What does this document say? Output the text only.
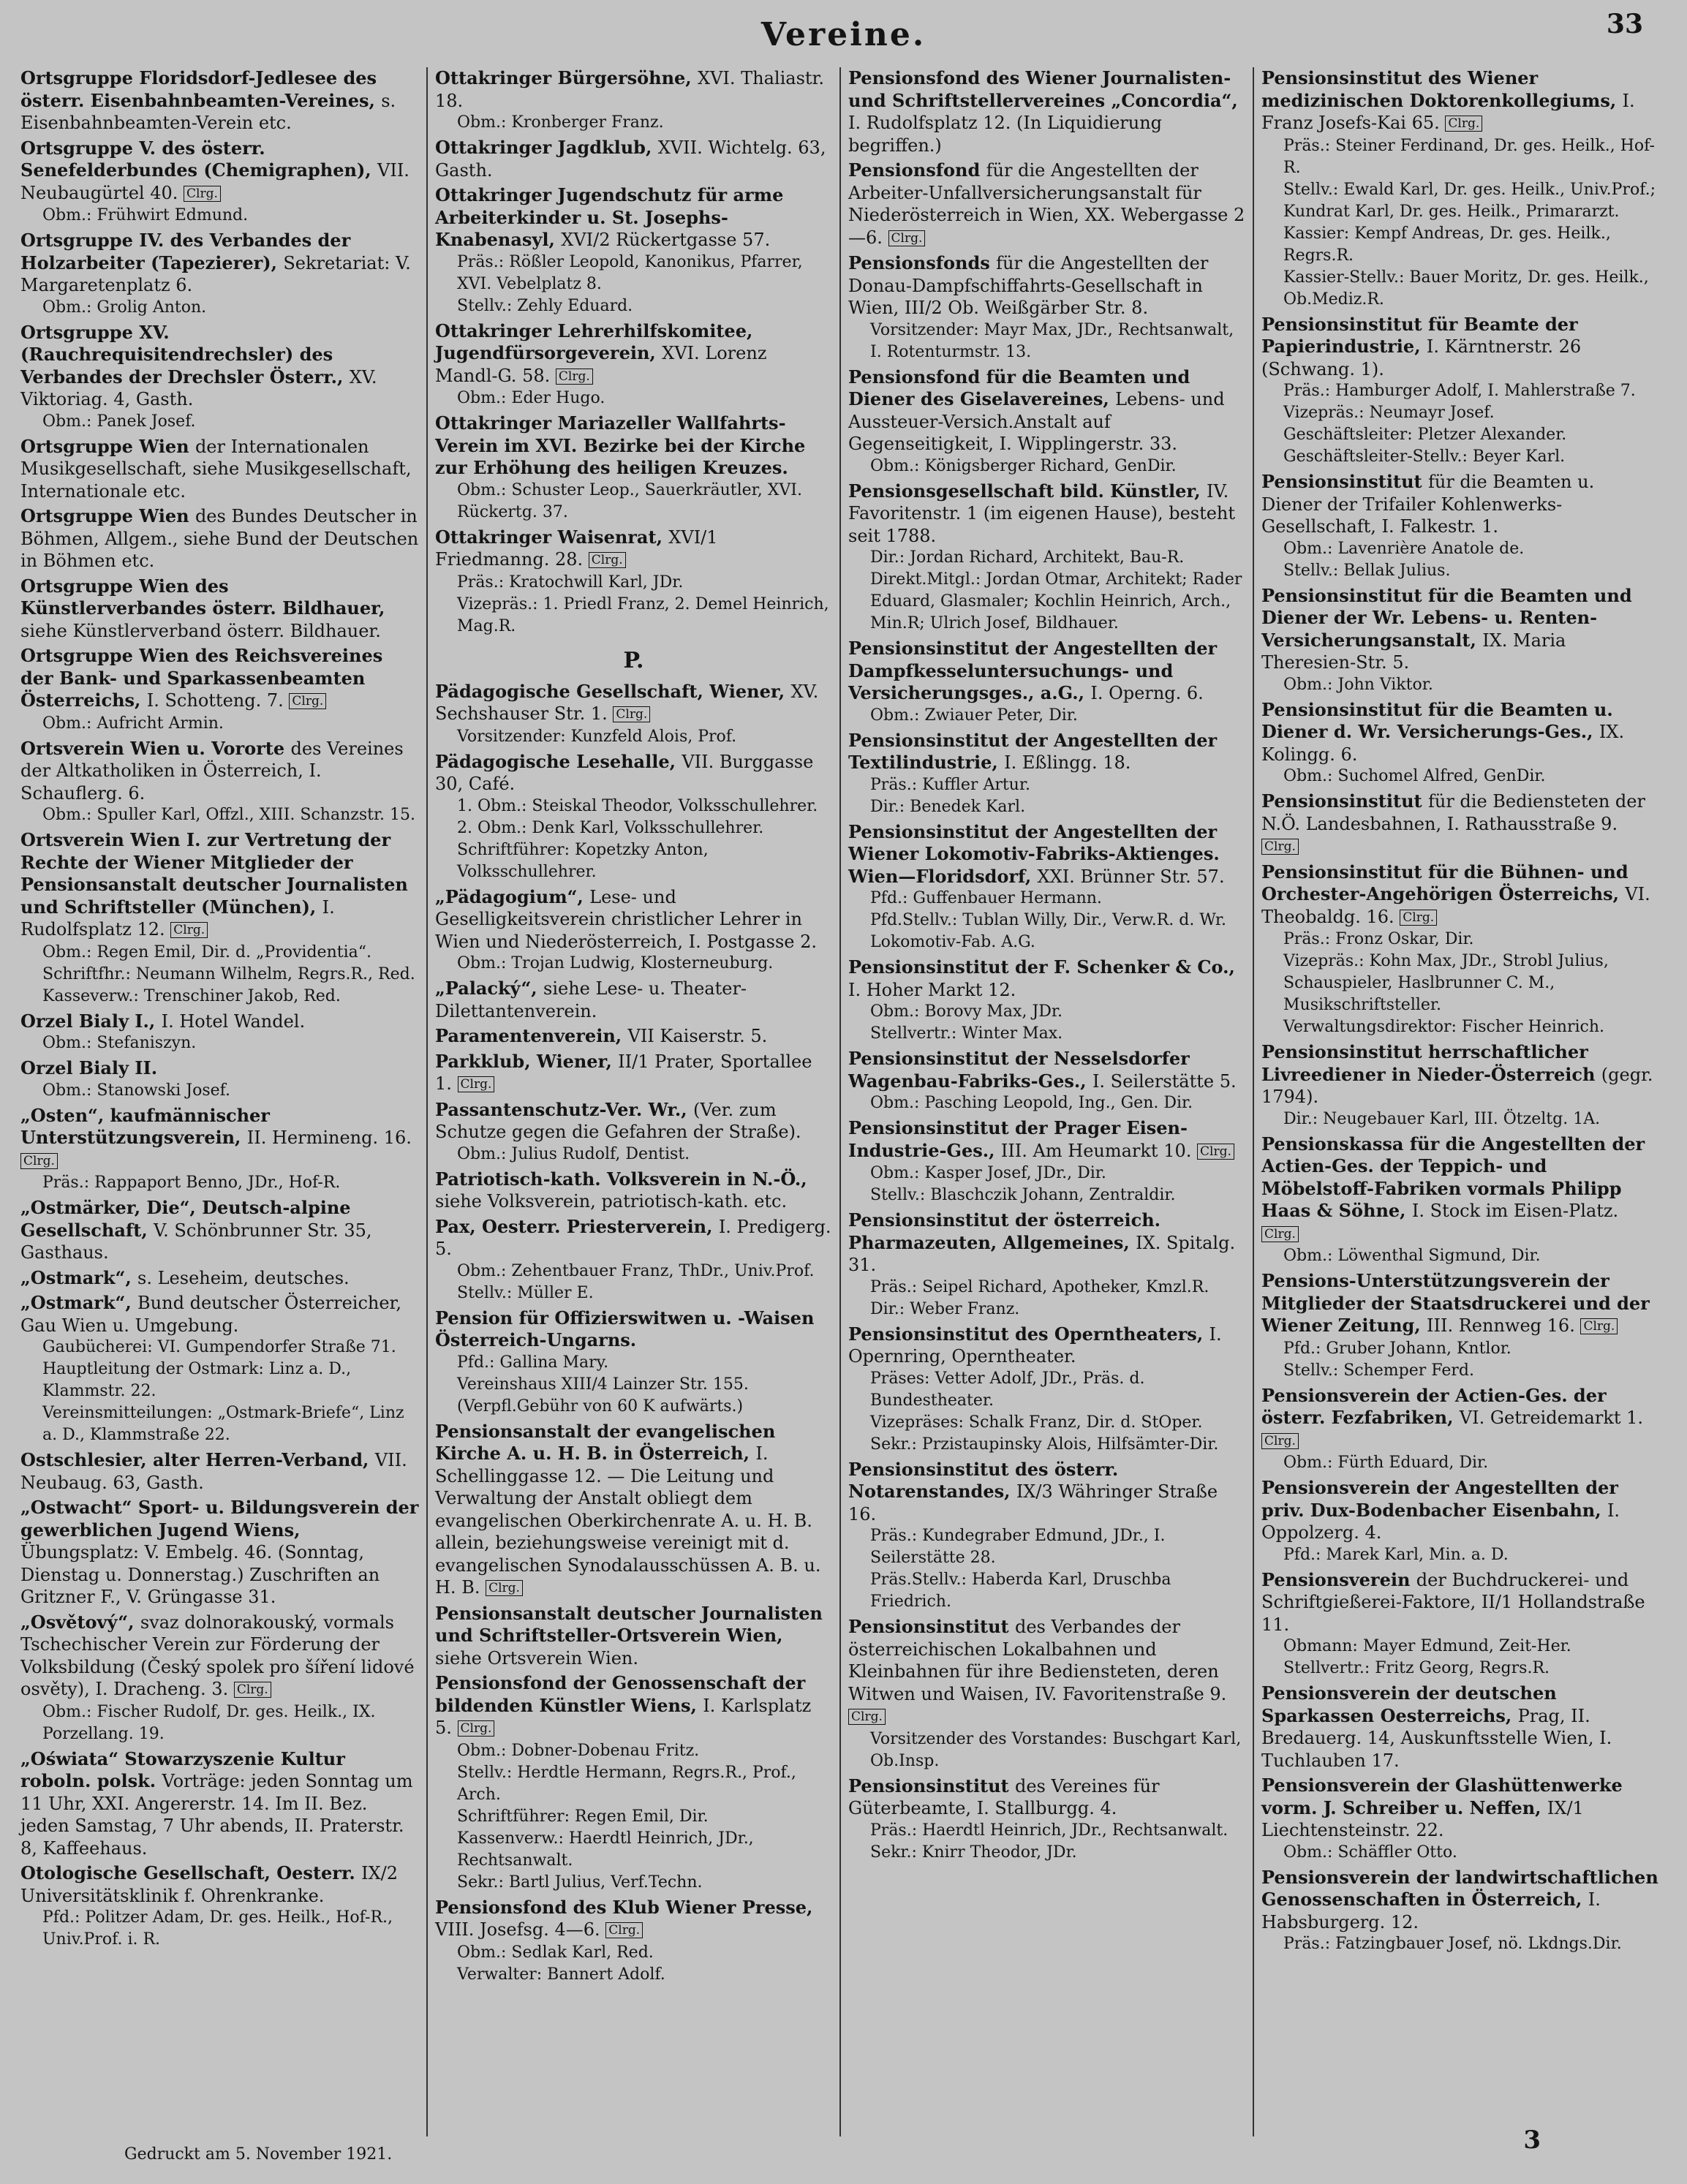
Vereine.	33
Ortsgruppe Floridsdorf-Jedlesee des österr. Eisenbahnbeamten-Vereines, s. Eisenbahnbeamten-Verein etc.
Ortsgruppe V. des österr. Senefelderbundes (Chemigraphen), VII. Neubaugürtel 40. Clrg.
Obm.: Frühwirt Edmund.
Ortsgruppe IV. des Verbandes der Holzarbeiter (Tapezierer), Sekretariat: V. Margaretenplatz 6.
Obm.: Grolig Anton.
Ortsgruppe XV. (Rauchrequisitendrechsler) des Verbandes der Drechsler Österr., XV. Viktoriag. 4, Gasth.
Obm.: Panek Josef.
Ortsgruppe Wien der Internationalen Musikgesellschaft, siehe Musikgesellschaft, Internationale etc.
Ortsgruppe Wien des Bundes Deutscher in Böhmen, Allgem., siehe Bund der Deutschen in Böhmen etc.
Ortsgruppe Wien des Künstlerverbandes österr. Bildhauer,siehe Künstlerverband österr. Bildhauer.
Ortsgruppe Wien des Reichsvereines der Bank- und Sparkassenbeamten Österreichs, I. Schotteng. 7. Clrg.
Obm.: Aufricht Armin.
Ortsverein Wien u. Vororte des Vereines der Altkatholiken in Österreich, I. Schauflerg. 6.
Obm.: Spuller Karl, Offzl., XIII. Schanzstr. 15.
Ortsverein Wien I. zur Vertretung der Rechte der Wiener Mitglieder der Pensionsanstalt deutscher Journalisten und Schriftsteller (München), I. Rudolfsplatz 12. Clrg.
Obm.: Regen Emil, Dir. d. „Providentia“.
Schriftfhr.: Neumann Wilhelm, Regrs.R., Red.
Kasseverw.: Trenschiner Jakob, Red.
Orzel Bialy I., I. Hotel Wandel.
Obm.: Stefaniszyn.
Orzel Bialy II.
Obm.: Stanowski Josef.
„Osten“, kaufmännischer Unterstützungsverein, II. Hermineng. 16.Clrg.
Präs.: Rappaport Benno, JDr., Hof-R.
„Ostmärker, Die“, Deutsch-alpine Gesellschaft, V. Schönbrunner Str. 35, Gasthaus.
„Ostmark“, s. Leseheim, deutsches.
„Ostmark“, Bund deutscher Österreicher, Gau Wien u. Umgebung.
Gaubücherei: VI. Gumpendorfer Straße 71.
Hauptleitung der Ostmark: Linz a. D., Klammstr. 22.
Vereinsmitteilungen: „Ostmark-Briefe“, Linz a. D., Klammstraße 22.
Ostschlesier, alter Herren-Verband, VII. Neubaug. 63, Gasth.
„Ostwacht“ Sport- u. Bildungsverein der gewerblichen Jugend Wiens,Übungsplatz: V. Embelg. 46. (Sonntag, Dienstag u. Donnerstag.) Zuschriften an Gritzner F., V. Grüngasse 31.
„Osvětový“, svaz dolnorakouský, vormals Tschechischer Verein zur Förderung der Volksbildung (Český spolek pro šíření lidové osvěty), I. Dracheng. 3. Clrg.
Obm.: Fischer Rudolf, Dr. ges. Heilk., IX. Porzellang. 19.
„Oświata“ Stowarzyszenie Kultur roboln. polsk. Vorträge: jeden Sonntag um 11 Uhr, XXI. Angererstr. 14. Im II. Bez. jeden Samstag, 7 Uhr abends, II. Praterstr. 8, Kaffeehaus.
Otologische Gesellschaft, Oesterr. IX/2 Universitätsklinik f. Ohrenkranke.
Pfd.: Politzer Adam, Dr. ges. Heilk., Hof-R., Univ.Prof. i. R.
Ottakringer Bürgersöhne, XVI. Thaliastr. 18.
Obm.: Kronberger Franz.
Ottakringer Jagdklub, XVII. Wichtelg. 63, Gasth.
Ottakringer Jugendschutz für arme Arbeiterkinder u. St. Josephs-Knabenasyl, XVI/2 Rückertgasse 57.
Präs.: Rößler Leopold, Kanonikus, Pfarrer, XVI. Vebelplatz 8.
Stellv.: Zehly Eduard.
Ottakringer Lehrerhilfskomitee, Jugendfürsorgeverein, XVI. Lorenz Mandl-G. 58. Clrg.
Obm.: Eder Hugo.
Ottakringer Mariazeller Wallfahrts-Verein im XVI. Bezirke bei der Kirche zur Erhöhung des heiligen Kreuzes.
Obm.: Schuster Leop., Sauerkräutler, XVI. Rückertg. 37.
Ottakringer Waisenrat, XVI/1 Friedmanng. 28. Clrg.
Präs.: Kratochwill Karl, JDr.
Vizepräs.: 1. Priedl Franz, 2. Demel Heinrich, Mag.R.
P.
Pädagogische Gesellschaft, Wiener, XV. Sechshauser Str. 1. Clrg.
Vorsitzender: Kunzfeld Alois, Prof.
Pädagogische Lesehalle, VII. Burggasse 30, Café.
1. Obm.: Steiskal Theodor, Volksschullehrer.
2. Obm.: Denk Karl, Volksschullehrer.
Schriftführer: Kopetzky Anton, Volksschullehrer.
„Pädagogium“, Lese- und Geselligkeitsverein christlicher Lehrer in Wien und Niederösterreich, I. Postgasse 2.
Obm.: Trojan Ludwig, Klosterneuburg.
„Palacký“, siehe Lese- u. Theater-Dilettantenverein.
Paramentenverein, VII Kaiserstr. 5.
Parkklub, Wiener, II/1 Prater, Sportallee 1. Clrg.
Passantenschutz-Ver. Wr., (Ver. zum Schutze gegen die Gefahren der Straße).
Obm.: Julius Rudolf, Dentist.
Patriotisch-kath. Volksverein in N.-Ö.,siehe Volksverein, patriotisch-kath. etc.
Pax, Oesterr. Priesterverein, I. Predigerg. 5.
Obm.: Zehentbauer Franz, ThDr., Univ.Prof.
Stellv.: Müller E.
Pension für Offizierswitwen u. -Waisen Österreich-Ungarns.
Pfd.: Gallina Mary.
Vereinshaus XIII/4 Lainzer Str. 155. (Verpfl.Gebühr von 60 K aufwärts.)
Pensionsanstalt der evangelischen Kirche A. u. H. B. in Österreich, I. Schellinggasse 12. — Die Leitung und Verwaltung der Anstalt obliegt dem evangelischen Oberkirchenrate A. u. H. B. allein, beziehungsweise vereinigt mit d. evangelischen Synodalausschüssen A. B. u. H. B. Clrg.
Pensionsanstalt deutscher Journalisten und Schriftsteller-Ortsverein Wien,siehe Ortsverein Wien.
Pensionsfond der Genossenschaft der bildenden Künstler Wiens, I. Karlsplatz 5. Clrg.
Obm.: Dobner-Dobenau Fritz.
Stellv.: Herdtle Hermann, Regrs.R., Prof., Arch.
Schriftführer: Regen Emil, Dir.
Kassenverw.: Haerdtl Heinrich, JDr., Rechtsanwalt.
Sekr.: Bartl Julius, Verf.Techn.
Pensionsfond des Klub Wiener Presse,VIII. Josefsg. 4—6. Clrg.
Obm.: Sedlak Karl, Red.
Verwalter: Bannert Adolf.
Pensionsfond des Wiener Journalisten- und Schriftstellervereines „Concordia“,I. Rudolfsplatz 12. (In Liquidierung begriffen.)
Pensionsfond für die Angestellten der Arbeiter-Unfallversicherungsanstalt für Niederösterreich in Wien, XX. Webergasse 2—6. Clrg.
Pensionsfonds für die Angestellten der Donau-Dampfschiffahrts-Gesellschaft in Wien, III/2 Ob. Weißgärber Str. 8.
Vorsitzender: Mayr Max, JDr., Rechtsanwalt, I. Rotenturmstr. 13.
Pensionsfond für die Beamten und Diener des Giselavereines, Lebens- und Aussteuer-Versich.Anstalt auf Gegenseitigkeit, I. Wipplingerstr. 33.
Obm.: Königsberger Richard, GenDir.
Pensionsgesellschaft bild. Künstler, IV. Favoritenstr. 1 (im eigenen Hause), besteht seit 1788.
Dir.: Jordan Richard, Architekt, Bau-R.
Direkt.Mitgl.: Jordan Otmar, Architekt; Rader Eduard, Glasmaler; Kochlin Heinrich, Arch., Min.R; Ulrich Josef, Bildhauer.
Pensionsinstitut der Angestellten der Dampfkesseluntersuchungs- und Versicherungsges., a.G., I. Operng. 6.
Obm.: Zwiauer Peter, Dir.
Pensionsinstitut der Angestellten der Textilindustrie, I. Eßlingg. 18.
Präs.: Kuffler Artur.
Dir.: Benedek Karl.
Pensionsinstitut der Angestellten der Wiener Lokomotiv-Fabriks-Aktienges. Wien—Floridsdorf, XXI. Brünner Str. 57.
Pfd.: Guffenbauer Hermann.
Pfd.Stellv.: Tublan Willy, Dir., Verw.R. d. Wr. Lokomotiv-Fab. A.G.
Pensionsinstitut der F. Schenker & Co.,I. Hoher Markt 12.
Obm.: Borovy Max, JDr.
Stellvertr.: Winter Max.
Pensionsinstitut der Nesselsdorfer Wagenbau-Fabriks-Ges., I. Seilerstätte 5.
Obm.: Pasching Leopold, Ing., Gen. Dir.
Pensionsinstitut der Prager Eisen-Industrie-Ges., III. Am Heumarkt 10. Clrg.
Obm.: Kasper Josef, JDr., Dir.
Stellv.: Blaschczik Johann, Zentraldir.
Pensionsinstitut der österreich. Pharmazeuten, Allgemeines, IX. Spitalg. 31.
Präs.: Seipel Richard, Apotheker, Kmzl.R.
Dir.: Weber Franz.
Pensionsinstitut des Operntheaters, I. Opernring, Operntheater.
Präses: Vetter Adolf, JDr., Präs. d. Bundestheater.
Vizepräses: Schalk Franz, Dir. d. StOper.
Sekr.: Przistaupinsky Alois, Hilfsämter-Dir.
Pensionsinstitut des österr. Notarenstandes, IX/3 Währinger Straße 16.
Präs.: Kundegraber Edmund, JDr., I. Seilerstätte 28.
Präs.Stellv.: Haberda Karl, Druschba Friedrich.
Pensionsinstitut des Verbandes der österreichischen Lokalbahnen und Kleinbahnen für ihre Bediensteten, deren Witwen und Waisen, IV. Favoritenstraße 9.Clrg.
Vorsitzender des Vorstandes: Buschgart Karl, Ob.Insp.
Pensionsinstitut des Vereines für Güterbeamte, I. Stallburgg. 4.
Präs.: Haerdtl Heinrich, JDr., Rechtsanwalt.
Sekr.: Knirr Theodor, JDr.
Pensionsinstitut des Wiener medizinischen Doktorenkollegiums, I. Franz Josefs-Kai 65. Clrg.
Präs.: Steiner Ferdinand, Dr. ges. Heilk., Hof-R.
Stellv.: Ewald Karl, Dr. ges. Heilk., Univ.Prof.; Kundrat Karl, Dr. ges. Heilk., Primararzt.
Kassier: Kempf Andreas, Dr. ges. Heilk., Regrs.R.
Kassier-Stellv.: Bauer Moritz, Dr. ges. Heilk., Ob.Mediz.R.
Pensionsinstitut für Beamte der Papierindustrie, I. Kärntnerstr. 26 (Schwang. 1).
Präs.: Hamburger Adolf, I. Mahlerstraße 7.
Vizepräs.: Neumayr Josef.
Geschäftsleiter: Pletzer Alexander.
Geschäftsleiter-Stellv.: Beyer Karl.
Pensionsinstitut für die Beamten u. Diener der Trifailer Kohlenwerks-Gesellschaft, I. Falkestr. 1.
Obm.: Lavenrière Anatole de.
Stellv.: Bellak Julius.
Pensionsinstitut für die Beamten und Diener der Wr. Lebens- u. Renten-Versicherungsanstalt, IX. Maria Theresien-Str. 5.
Obm.: John Viktor.
Pensionsinstitut für die Beamten u. Diener d. Wr. Versicherungs-Ges., IX. Kolingg. 6.
Obm.: Suchomel Alfred, GenDir.
Pensionsinstitut für die Bediensteten der N.Ö. Landesbahnen, I. Rathausstraße 9.Clrg.
Pensionsinstitut für die Bühnen- und Orchester-Angehörigen Österreichs, VI. Theobaldg. 16. Clrg.
Präs.: Fronz Oskar, Dir.
Vizepräs.: Kohn Max, JDr., Strobl Julius, Schauspieler, Haslbrunner C. M., Musikschriftsteller.
Verwaltungsdirektor: Fischer Heinrich.
Pensionsinstitut herrschaftlicher Livreediener in Nieder-Österreich (gegr. 1794).
Dir.: Neugebauer Karl, III. Ötzeltg. 1A.
Pensionskassa für die Angestellten der Actien-Ges. der Teppich- und Möbelstoff-Fabriken vormals Philipp Haas & Söhne, I. Stock im Eisen-Platz.Clrg.
Obm.: Löwenthal Sigmund, Dir.
Pensions-Unterstützungsverein der Mitglieder der Staatsdruckerei und der Wiener Zeitung, III. Rennweg 16. Clrg.
Pfd.: Gruber Johann, Kntlor.
Stellv.: Schemper Ferd.
Pensionsverein der Actien-Ges. der österr. Fezfabriken, VI. Getreidemarkt 1.Clrg.
Obm.: Fürth Eduard, Dir.
Pensionsverein der Angestellten der priv. Dux-Bodenbacher Eisenbahn, I. Oppolzerg. 4.
Pfd.: Marek Karl, Min. a. D.
Pensionsverein der Buchdruckerei- und Schriftgießerei-Faktore, II/1 Hollandstraße 11.
Obmann: Mayer Edmund, Zeit-Her.
Stellvertr.: Fritz Georg, Regrs.R.
Pensionsverein der deutschen Sparkassen Oesterreichs, Prag, II. Bredauerg. 14, Auskunftsstelle Wien, I. Tuchlauben 17.
Pensionsverein der Glashüttenwerke vorm. J. Schreiber u. Neffen, IX/1 Liechtensteinstr. 22.
Obm.: Schäffler Otto.
Pensionsverein der landwirtschaftlichen Genossenschaften in Österreich, I. Habsburgerg. 12.
Präs.: Fatzingbauer Josef, nö. Lkdngs.Dir.
Gedruckt am 5. November 1921.	3
